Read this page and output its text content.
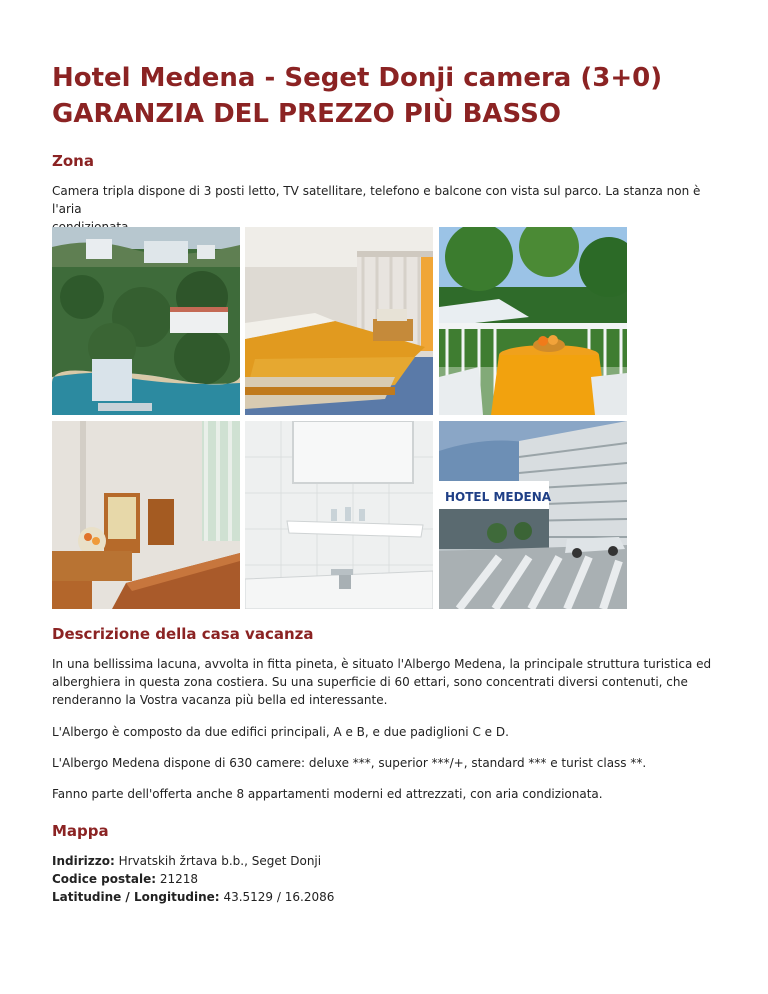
Hotel Medena - Seget Donji camera (3+0)
GARANZIA DEL PREZZO PIÙ BASSO
Zona

Camera tripla dispone di 3 posti letto, TV satellitare, telefono e balcone con vista sul parco. La stanza non è l'aria

HOTEL MEDENA
Descrizione della casa vacanza

In una bellissima lacuna, avvolta in fitta pineta, è situato l'Albergo Medena, la principale struttura turistica ed
alberghiera in questa zona costiera. Su una superficie di 60 ettari, sono concentrati diversi contenuti, che
renderanno la Vostra vacanza più bella ed interessante.

L'Albergo è composto da due edifici principali, A e B, e due padiglioni C e D.

L'Albergo Medena dispone di 630 camere: deluxe ***, superior ***/+, standard *** e turist class **.

Fanno parte dell'offerta anche 8 appartamenti moderni ed attrezzati, con aria condizionata.

Mappa

Indirizzo: Hrvatskih žrtava b.b., Seget Donji

Codice postale: 21218

Latitudine / Longitudine: 43.5129 / 16.2086
